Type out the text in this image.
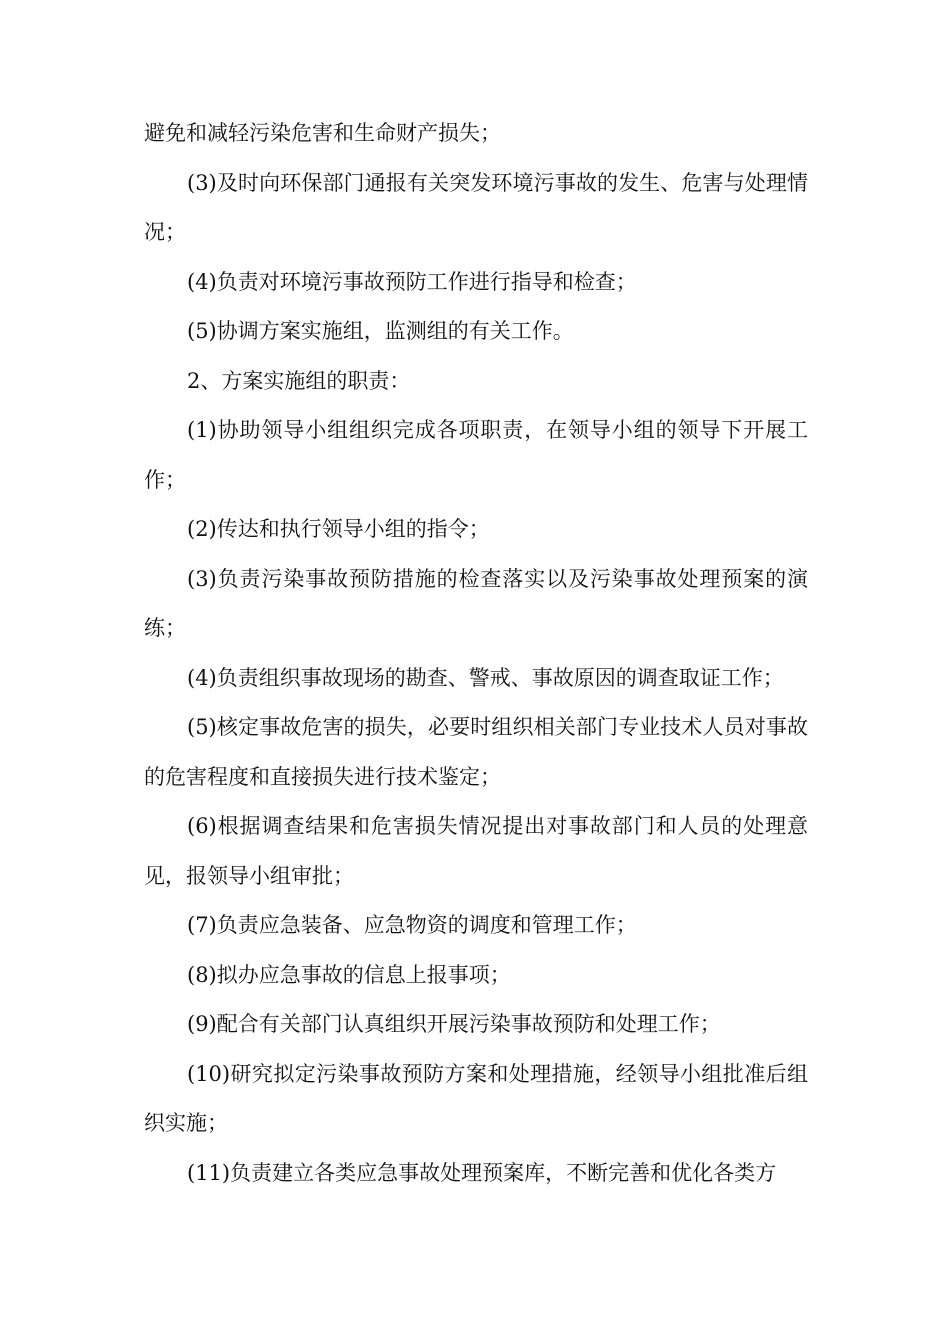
避免和减轻污染危害和生命财产损失；

(3)及时向环保部门通报有关突发环境污事故的发生、危害与处理情况；

(4)负责对环境污事故预防工作进行指导和检查；

(5)协调方案实施组，监测组的有关工作。

2、方案实施组的职责：

(1)协助领导小组组织完成各项职责，在领导小组的领导下开展工作；

(2)传达和执行领导小组的指令；

(3)负责污染事故预防措施的检查落实以及污染事故处理预案的演练；

(4)负责组织事故现场的勘查、警戒、事故原因的调查取证工作；

(5)核定事故危害的损失，必要时组织相关部门专业技术人员对事故的危害程度和直接损失进行技术鉴定；

(6)根据调查结果和危害损失情况提出对事故部门和人员的处理意见，报领导小组审批；

(7)负责应急装备、应急物资的调度和管理工作；

(8)拟办应急事故的信息上报事项；

(9)配合有关部门认真组织开展污染事故预防和处理工作；

(10)研究拟定污染事故预防方案和处理措施，经领导小组批准后组织实施；

(11)负责建立各类应急事故处理预案库，不断完善和优化各类方
